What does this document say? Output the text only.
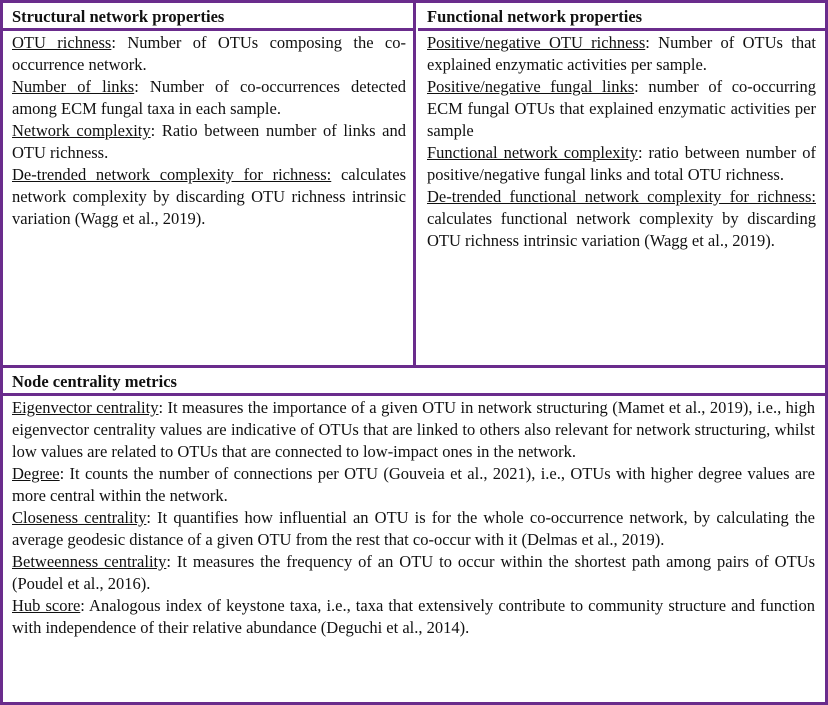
Structural network properties

OTU richness: Number of OTUs composing the co-occurrence network.

Number of links: Number of co-occurrences detected among ECM fungal taxa in each sample.

Network complexity: Ratio between number of links and OTU richness.

De-trended network complexity for richness: calculates network complexity by discarding OTU richness intrinsic variation (Wagg et al., 2019).

Functional network properties

Positive/negative OTU richness: Number of OTUs that explained enzymatic activities per sample.

Positive/negative fungal links: number of co-occurring ECM fungal OTUs that explained enzymatic activities per sample

Functional network complexity: ratio between number of positive/negative fungal links and total OTU richness.

De-trended functional network complexity for richness: calculates functional network complexity by discarding OTU richness intrinsic variation (Wagg et al., 2019).

Node centrality metrics

Eigenvector centrality: It measures the importance of a given OTU in network structuring (Mamet et al., 2019), i.e., high eigenvector centrality values are indicative of OTUs that are linked to others also relevant for network structuring, whilst low values are related to OTUs that are connected to low-impact ones in the network.

Degree: It counts the number of connections per OTU (Gouveia et al., 2021), i.e., OTUs with higher degree values are more central within the network.

Closeness centrality: It quantifies how influential an OTU is for the whole co-occurrence network, by calculating the average geodesic distance of a given OTU from the rest that co-occur with it (Delmas et al., 2019).

Betweenness centrality: It measures the frequency of an OTU to occur within the shortest path among pairs of OTUs (Poudel et al., 2016).

Hub score: Analogous index of keystone taxa, i.e., taxa that extensively contribute to community structure and function with independence of their relative abundance (Deguchi et al., 2014).
